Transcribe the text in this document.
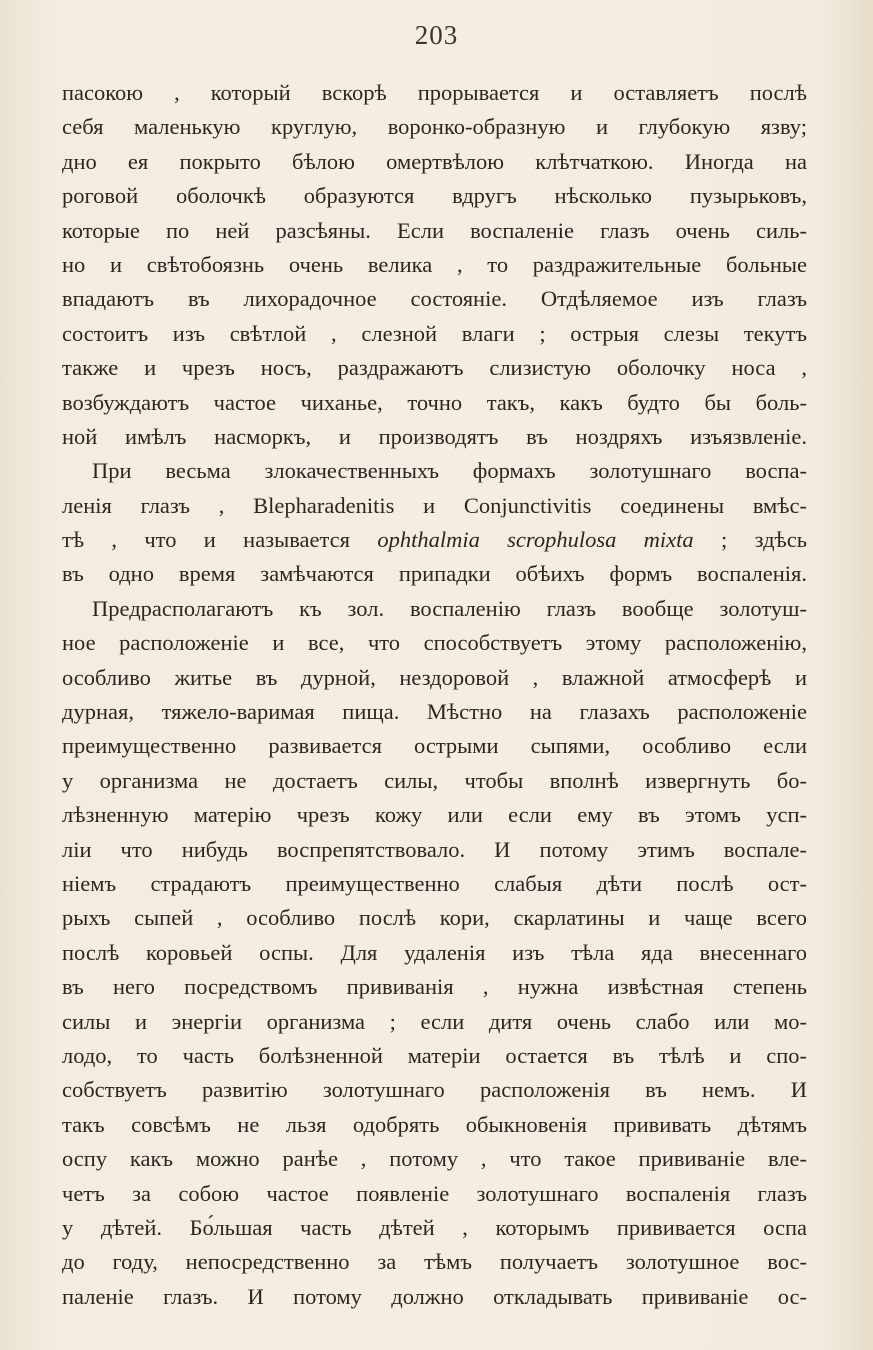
203
пасокою , который вскорѣ прорывается и оставляетъ послѣ
себя маленькую круглую, воронко-образную и глубокую язву;
дно ея покрыто бѣлою омертвѣлою клѣтчаткою. Иногда на
роговой оболочкѣ образуются вдругъ нѣсколько пузырьковъ,
которые по ней разсѣяны. Если воспаленіе глазъ очень силь-
но и свѣтобоязнь очень велика , то раздражительные больные
впадаютъ въ лихорадочное состояніе. Отдѣляемое изъ глазъ
состоитъ изъ свѣтлой , слезной влаги ; острыя слезы текутъ
также и чрезъ носъ, раздражаютъ слизистую оболочку носа ,
возбуждаютъ частое чиханье, точно такъ, какъ будто бы боль-
ной имѣлъ насморкъ, и производятъ въ ноздряхъ изъязвленіе.
При весьма злокачественныхъ формахъ золотушнаго воспа-
ленія глазъ , Blepharadenitis и Conjunctivitis соединены вмѣс-
тѣ , что и называется ophthalmia scrophulosa mixta ; здѣсь
въ одно время замѣчаются припадки обѣихъ формъ воспаленія.
Предрасполагаютъ къ зол. воспаленію глазъ вообще золотуш-
ное расположеніе и все, что способствуетъ этому расположенію,
особливо житье въ дурной, нездоровой , влажной атмосферѣ и
дурная, тяжело-варимая пища. Мѣстно на глазахъ расположеніе
преимущественно развивается острыми сыпями, особливо если
у организма не достаетъ силы, чтобы вполнѣ извергнуть бо-
лѣзненную матерію чрезъ кожу или если ему въ этомъ усп-
ліи что нибудь воспрепятствовало. И потому этимъ воспале-
ніемъ страдаютъ преимущественно слабыя дѣти послѣ ост-
рыхъ сыпей , особливо послѣ кори, скарлатины и чаще всего
послѣ коровьей оспы. Для удаленія изъ тѣла яда внесеннаго
въ него посредствомъ прививанія , нужна извѣстная степень
силы и энергіи организма ; если дитя очень слабо или мо-
лодо, то часть болѣзненной матеріи остается въ тѣлѣ и спо-
собствуетъ развитію золотушнаго расположенія въ немъ. И
такъ совсѣмъ не льзя одобрять обыкновенія прививать дѣтямъ
оспу какъ можно ранѣе , потому , что такое прививаніе вле-
четъ за собою частое появленіе золотушнаго воспаленія глазъ
у дѣтей. Бо́льшая часть дѣтей , которымъ прививается оспа
до году, непосредственно за тѣмъ получаетъ золотушное вос-
паленіе глазъ. И потому должно откладывать прививаніе ос-
